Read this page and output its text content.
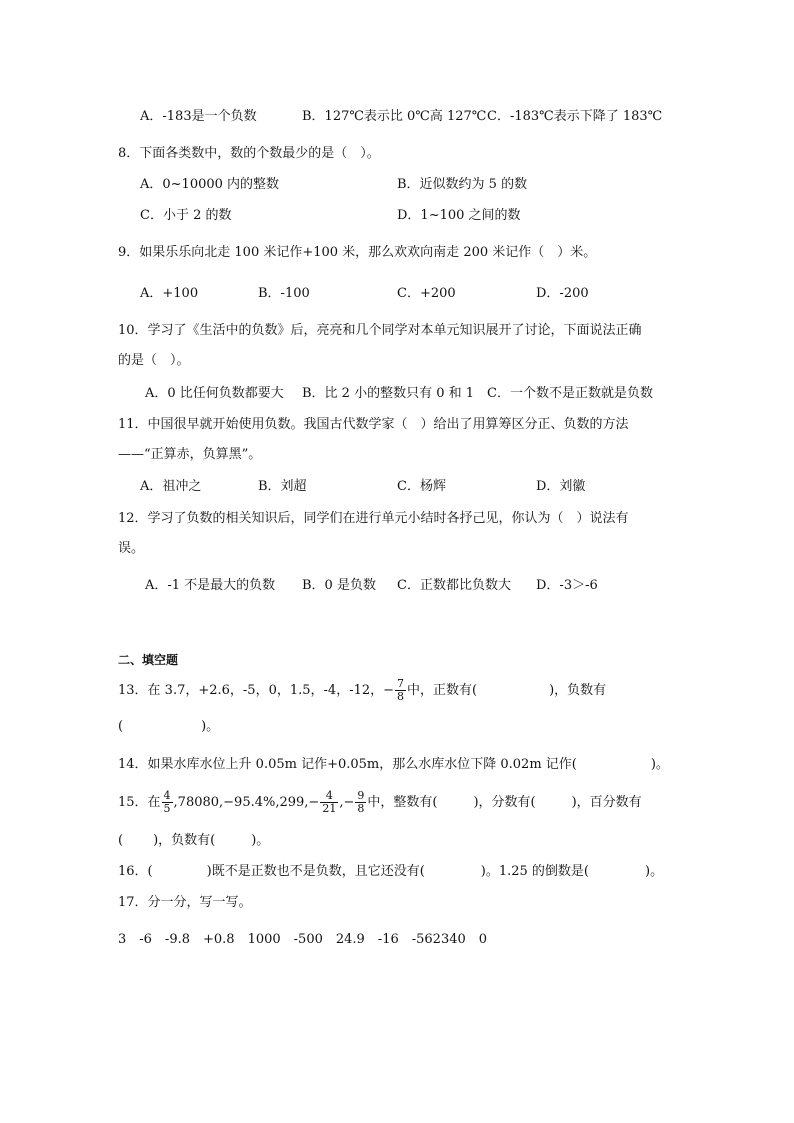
A．-183是一个负数	B．127℃表示比 0℃高 127℃ C．-183℃表示下降了 183℃
8．下面各类数中，数的个数最少的是（　）。
A．0~10000 内的整数	B．近似数约为 5 的数
C．小于 2 的数	D．1~100 之间的数
9．如果乐乐向北走 100 米记作+100 米，那么欢欢向南走 200 米记作（　）米。
A．+100	B．-100	C．+200	D．-200
10．学习了《生活中的负数》后，亮亮和几个同学对本单元知识展开了讨论，下面说法正确
的是（　）。
A．0 比任何负数都要大 B．比 2 小的整数只有 0 和 1 C．一个数不是正数就是负数
11．中国很早就开始使用负数。我国古代数学家（　）给出了用算筹区分正、负数的方法
——“正算赤，负算黑”。
A．祖冲之	B．刘超	C．杨辉	D．刘徽
12．学习了负数的相关知识后，同学们在进行单元小结时各抒己见，你认为（　）说法有
误。
A．-1 不是最大的负数 B．0 是负数 C．正数都比负数大 D．-3＞-6
二、填空题
13．在 3.7，+2.6，-5，0，1.5，-4，-12，− $\frac{7}{8}$ 中，正数有(	)，负数有
(　　　　　　)。
14．如果水库水位上升 0.05m 记作+0.05m，那么水库水位下降 0.02m 记作(	)。
15．在 $\frac{4}{5} ,78080,-95.4\%,299,- \frac{4}{21}$ ,− $\frac{9}{8}$ 中，整数有(	)，分数有(	)，百分数有
( )，负数有(	)。
16．(	)既不是正数也不是负数，且它还没有(	)。1.25 的倒数是(	)。
17．分一分，写一写。
3　-6　-9.8　+0.8　1000　-500　24.9　-16　-562340　0
